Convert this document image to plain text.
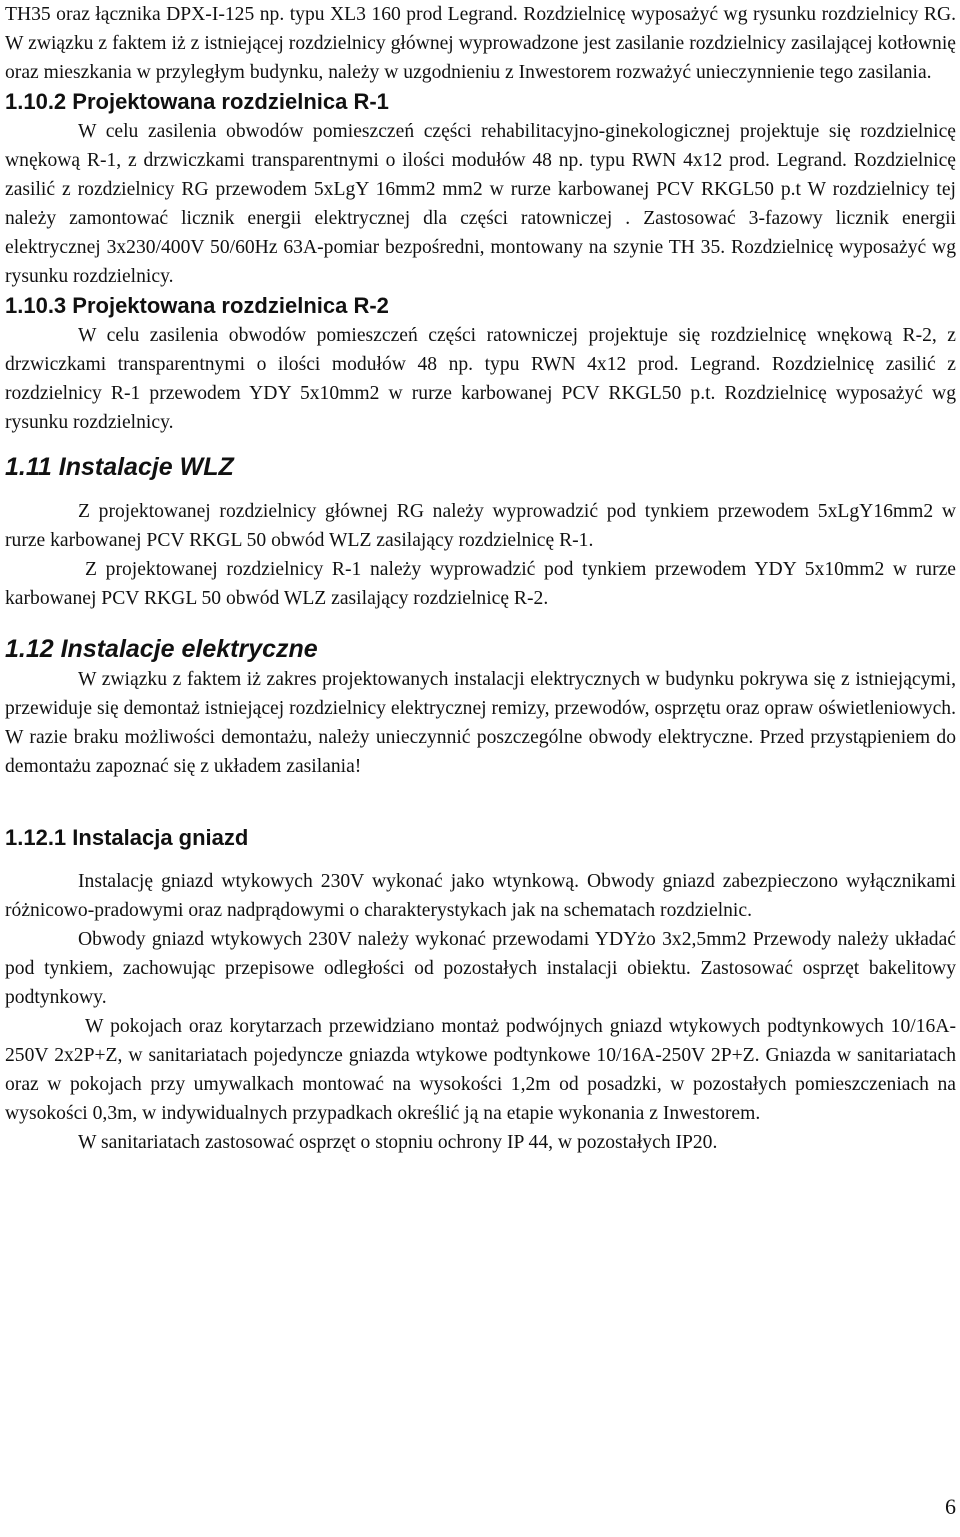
TH35 oraz łącznika DPX-I-125 np. typu XL3 160 prod Legrand. Rozdzielnicę wyposażyć wg rysunku rozdzielnicy RG. W związku z faktem iż z istniejącej rozdzielnicy głównej wyprowadzone jest zasilanie rozdzielnicy zasilającej kotłownię oraz mieszkania w przyległym budynku, należy w uzgodnieniu z Inwestorem rozważyć unieczynnienie tego zasilania.

1.10.2 Projektowana rozdzielnica R-1

W celu zasilenia obwodów pomieszczeń części rehabilitacyjno-ginekologicznej projektuje się rozdzielnicę wnękową R-1, z drzwiczkami transparentnymi o ilości modułów 48 np. typu RWN 4x12 prod. Legrand. Rozdzielnicę zasilić z rozdzielnicy RG przewodem 5xLgY 16mm2 mm2 w rurze karbowanej PCV RKGL50 p.t W rozdzielnicy tej należy zamontować licznik energii elektrycznej dla części ratowniczej . Zastosować 3-fazowy licznik energii elektrycznej 3x230/400V 50/60Hz 63A-pomiar bezpośredni, montowany na szynie TH 35. Rozdzielnicę wyposażyć wg rysunku rozdzielnicy.

1.10.3 Projektowana rozdzielnica R-2

W celu zasilenia obwodów pomieszczeń części ratowniczej projektuje się rozdzielnicę wnękową R-2, z drzwiczkami transparentnymi o ilości modułów 48 np. typu RWN 4x12 prod. Legrand. Rozdzielnicę zasilić z rozdzielnicy R-1 przewodem YDY 5x10mm2 w rurze karbowanej PCV RKGL50 p.t. Rozdzielnicę wyposażyć wg rysunku rozdzielnicy.

1.11 Instalacje WLZ

Z projektowanej rozdzielnicy głównej RG należy wyprowadzić pod tynkiem przewodem 5xLgY16mm2 w rurze karbowanej PCV RKGL 50 obwód WLZ zasilający rozdzielnicę R-1.

Z projektowanej rozdzielnicy R-1 należy wyprowadzić pod tynkiem przewodem YDY 5x10mm2 w rurze karbowanej PCV RKGL 50 obwód WLZ zasilający rozdzielnicę R-2.

1.12 Instalacje elektryczne

W związku z faktem iż zakres projektowanych instalacji elektrycznych w budynku pokrywa się z istniejącymi, przewiduje się demontaż istniejącej rozdzielnicy elektrycznej remizy, przewodów, osprzętu oraz opraw oświetleniowych. W razie braku możliwości demontażu, należy unieczynnić poszczególne obwody elektryczne. Przed przystąpieniem do demontażu zapoznać się z układem zasilania!

1.12.1 Instalacja gniazd

Instalację gniazd wtykowych 230V wykonać jako wtynkową. Obwody gniazd zabezpieczono wyłącznikami różnicowo-pradowymi oraz nadprądowymi o charakterystykach jak na schematach rozdzielnic.

Obwody gniazd wtykowych 230V należy wykonać przewodami YDYżo 3x2,5mm2 Przewody należy układać pod tynkiem, zachowując przepisowe odległości od pozostałych instalacji obiektu. Zastosować osprzęt bakelitowy podtynkowy.

W pokojach oraz korytarzach przewidziano montaż podwójnych gniazd wtykowych podtynkowych 10/16A-250V 2x2P+Z, w sanitariatach pojedyncze gniazda wtykowe podtynkowe 10/16A-250V 2P+Z. Gniazda w sanitariatach oraz w pokojach przy umywalkach montować na wysokości 1,2m od posadzki, w pozostałych pomieszczeniach na wysokości 0,3m, w indywidualnych przypadkach określić ją na etapie wykonania z Inwestorem.

W sanitariatach zastosować osprzęt o stopniu ochrony IP 44, w pozostałych IP20.

6
